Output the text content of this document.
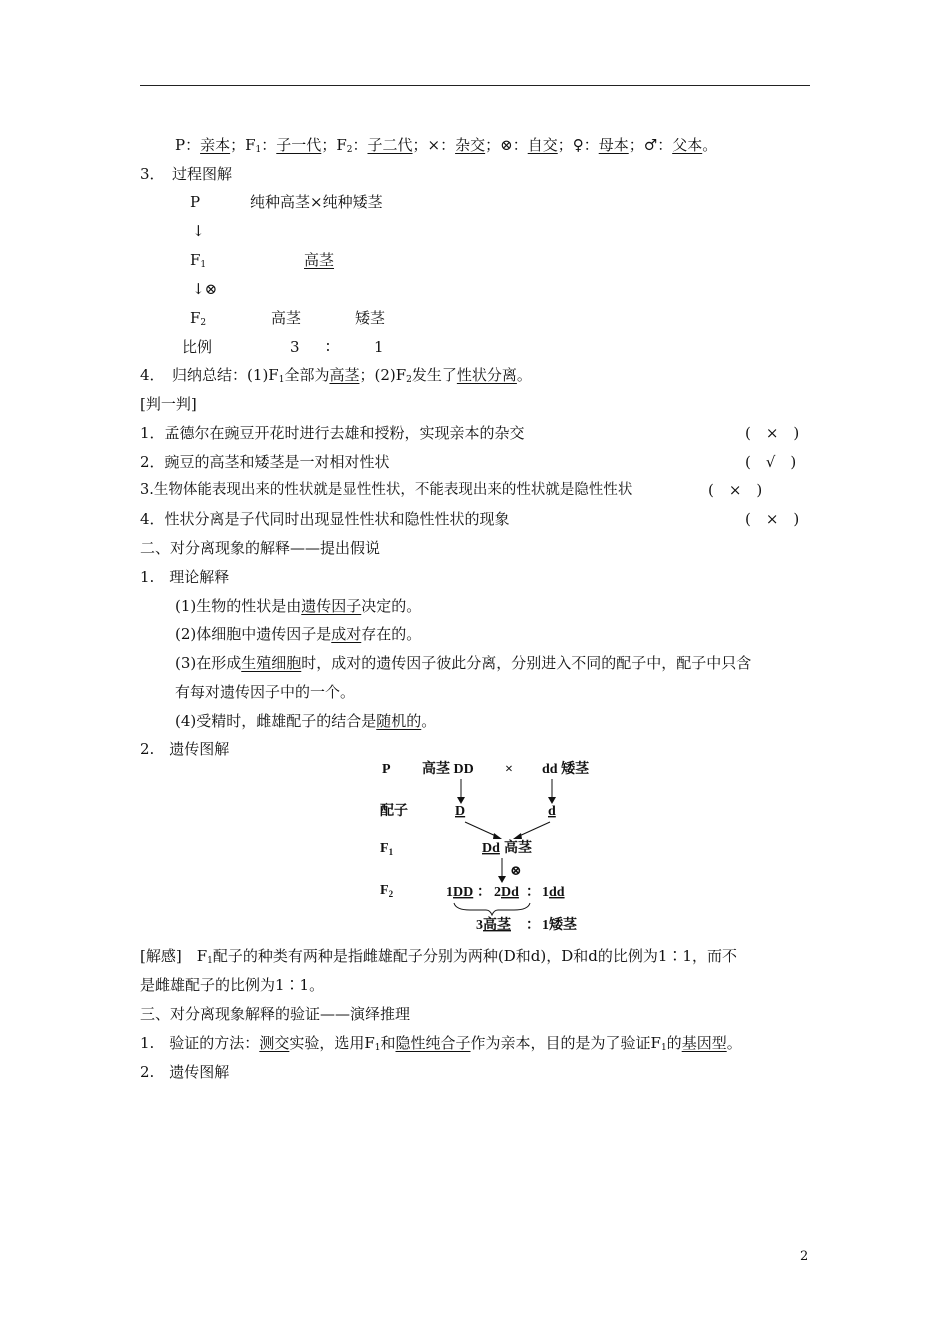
P：亲本；$F_1$：子一代；$F_2$：子二代；×：杂交；⊗：自交；♀：母本；♂：父本。
3．　过程图解
P	纯种高茎×纯种矮茎
↓
$F_1$	高茎
↓⊗
$F_2$	高茎	矮茎
比例	3 ∶	1
4．　归纳总结：$(1)F_1$全部为高茎；$(2)F_2$发生了性状分离。
[判一判]
1．孟德尔在豌豆开花时进行去雄和授粉，实现亲本的杂交	(　×　)
2．豌豆的高茎和矮茎是一对相对性状	(　√　)
3.生物体能表现出来的性状就是显性性状，不能表现出来的性状就是隐性性状	(　×　)
4．性状分离是子代同时出现显性性状和隐性性状的现象	(　×　)
二、对分离现象的解释——提出假说
1.　理论解释
(1)生物的性状是由遗传因子决定的。
(2)体细胞中遗传因子是成对存在的。
(3)在形成生殖细胞时，成对的遗传因子彼此分离，分别进入不同的配子中，配子中只含
有每对遗传因子中的一个。
(4)受精时，雌雄配子的结合是随机的。
2.　遗传图解
P 高茎 DD × dd 矮茎
配子	D	d
$F_1$	Dd 高茎
⊗
$F_2$	1DD ： 2Dd ： 1dd
3高茎 ： 1矮茎
[解感]　 $F_1$配子的种类有两种是指雌雄配子分别为两种(D和d)，D和d的比例为1∶1，而不
是雌雄配子的比例为1∶1。
三、对分离现象解释的验证——演绎推理
1.　验证的方法：测交实验，选用$F_1$和隐性纯合子作为亲本，目的是为了验证$F_1$的基因型。
2.　遗传图解
2
